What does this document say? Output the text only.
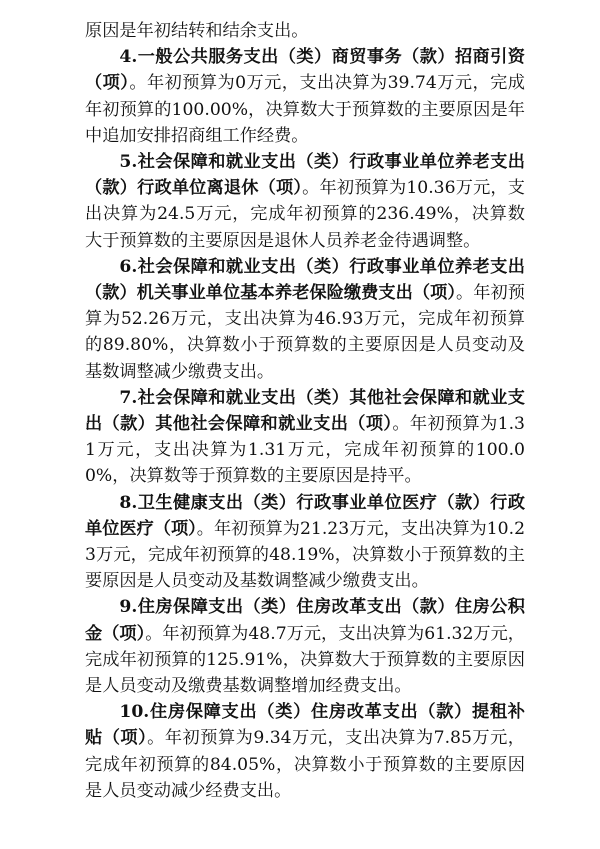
原因是年初结转和结余支出。

4.一般公共服务支出（类）商贸事务（款）招商引资（项）。年初预算为0万元，支出决算为39.74万元，完成年初预算的100.00%，决算数大于预算数的主要原因是年中追加安排招商组工作经费。

5.社会保障和就业支出（类）行政事业单位养老支出（款）行政单位离退休（项）。年初预算为10.36万元，支出决算为24.5万元，完成年初预算的236.49%，决算数大于预算数的主要原因是退休人员养老金待遇调整。

6.社会保障和就业支出（类）行政事业单位养老支出（款）机关事业单位基本养老保险缴费支出（项）。年初预算为52.26万元，支出决算为46.93万元，完成年初预算的89.80%，决算数小于预算数的主要原因是人员变动及基数调整减少缴费支出。

7.社会保障和就业支出（类）其他社会保障和就业支出（款）其他社会保障和就业支出（项）。年初预算为1.31万元，支出决算为1.31万元，完成年初预算的100.00%，决算数等于预算数的主要原因是持平。

8.卫生健康支出（类）行政事业单位医疗（款）行政单位医疗（项）。年初预算为21.23万元，支出决算为10.23万元，完成年初预算的48.19%，决算数小于预算数的主要原因是人员变动及基数调整减少缴费支出。

9.住房保障支出（类）住房改革支出（款）住房公积金（项）。年初预算为48.7万元，支出决算为61.32万元，完成年初预算的125.91%，决算数大于预算数的主要原因是人员变动及缴费基数调整增加经费支出。

10.住房保障支出（类）住房改革支出（款）提租补贴（项）。年初预算为9.34万元，支出决算为7.85万元，完成年初预算的84.05%，决算数小于预算数的主要原因是人员变动减少经费支出。
